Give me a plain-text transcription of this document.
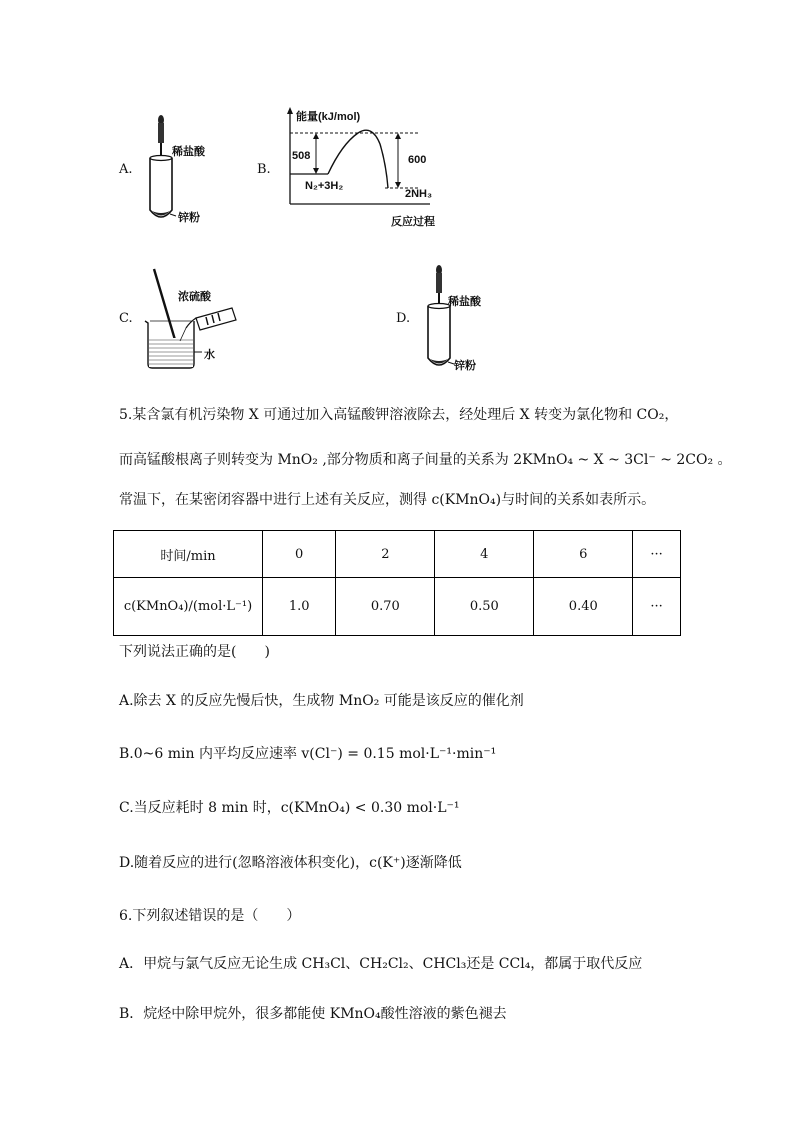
A.
稀盐酸
锌粉
B.
能量(kJ/mol)
508	600
N₂+3H₂
2NH₃
反应过程
C.
浓硫酸
水
D.
稀盐酸
锌粉
5.某含氯有机污染物 X 可通过加入高锰酸钾溶液除去，经处理后 X 转变为氯化物和 CO₂，
而高锰酸根离子则转变为 MnO₂ ,部分物质和离子间量的关系为 2KMnO₄ ~ X ~ 3Cl⁻ ~ 2CO₂ 。
常温下，在某密闭容器中进行上述有关反应，测得 c(KMnO₄)与时间的关系如表所示。
时间/min	0	2	4	6	···
c(KMnO₄)/(mol·L⁻¹)	1.0	0.70	0.50	0.40	···
下列说法正确的是(　　)
A.除去 X 的反应先慢后快，生成物 MnO₂ 可能是该反应的催化剂
B.0~6 min 内平均反应速率 v(Cl⁻) = 0.15 mol·L⁻¹·min⁻¹
C.当反应耗时 8 min 时，c(KMnO₄) < 0.30 mol·L⁻¹
D.随着反应的进行(忽略溶液体积变化)，c(K⁺)逐渐降低
6.下列叙述错误的是（　　）
A．甲烷与氯气反应无论生成 CH₃Cl、CH₂Cl₂、CHCl₃还是 CCl₄，都属于取代反应
B．烷烃中除甲烷外，很多都能使 KMnO₄酸性溶液的紫色褪去
